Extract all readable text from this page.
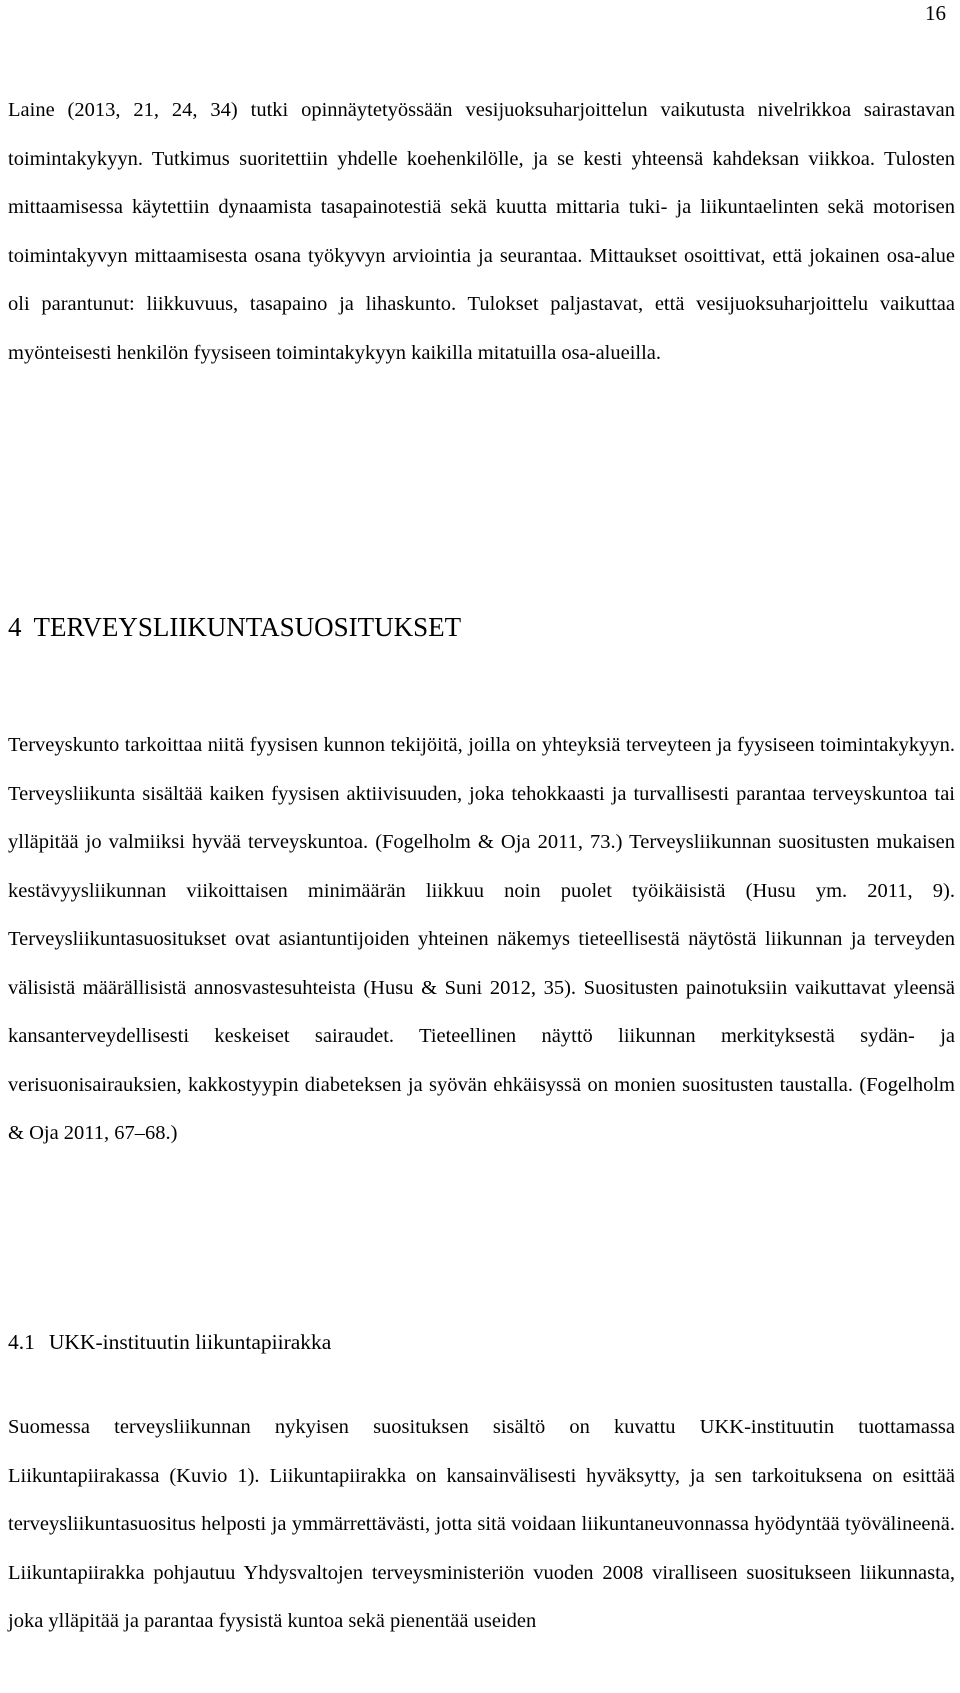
16

Laine (2013, 21, 24, 34) tutki opinnäytetyössään vesijuoksuharjoittelun vaikutusta nivelrikkoa sairastavan toimintakykyyn. Tutkimus suoritettiin yhdelle koehenkilölle, ja se kesti yhteensä kahdeksan viikkoa. Tulosten mittaamisessa käytettiin dynaamista tasapainotestiä sekä kuutta mittaria tuki- ja liikuntaelinten sekä motorisen toimintakyvyn mittaamisesta osana työkyvyn arviointia ja seurantaa. Mittaukset osoittivat, että jokainen osa-alue oli parantunut: liikkuvuus, tasapaino ja lihaskunto. Tulokset paljastavat, että vesijuoksuharjoittelu vaikuttaa myönteisesti henkilön fyysiseen toimintakykyyn kaikilla mitatuilla osa-alueilla.

4 TERVEYSLIIKUNTASUOSITUKSET

Terveyskunto tarkoittaa niitä fyysisen kunnon tekijöitä, joilla on yhteyksiä terveyteen ja fyysiseen toimintakykyyn. Terveysliikunta sisältää kaiken fyysisen aktiivisuuden, joka tehokkaasti ja turvallisesti parantaa terveyskuntoa tai ylläpitää jo valmiiksi hyvää terveyskuntoa. (Fogelholm & Oja 2011, 73.) Terveysliikunnan suositusten mukaisen kestävyysliikunnan viikoittaisen minimäärän liikkuu noin puolet työikäisistä (Husu ym. 2011, 9). Terveysliikuntasuositukset ovat asiantuntijoiden yhteinen näkemys tieteellisestä näytöstä liikunnan ja terveyden välisistä määrällisistä annosvastesuhteista (Husu & Suni 2012, 35). Suositusten painotuksiin vaikuttavat yleensä kansanterveydellisesti keskeiset sairaudet. Tieteellinen näyttö liikunnan merkityksestä sydän- ja verisuonisairauksien, kakkostyypin diabeteksen ja syövän ehkäisyssä on monien suositusten taustalla. (Fogelholm & Oja 2011, 67–68.)

4.1 UKK-instituutin liikuntapiirakka

Suomessa terveysliikunnan nykyisen suosituksen sisältö on kuvattu UKK-instituutin tuottamassa Liikuntapiirakassa (Kuvio 1). Liikuntapiirakka on kansainvälisesti hyväksytty, ja sen tarkoituksena on esittää terveysliikuntasuositus helposti ja ymmärrettävästi, jotta sitä voidaan liikuntaneuvonnassa hyödyntää työvälineenä. Liikuntapiirakka pohjautuu Yhdysvaltojen terveysministeriön vuoden 2008 viralliseen suositukseen liikunnasta, joka ylläpitää ja parantaa fyysistä kuntoa sekä pienentää useiden
